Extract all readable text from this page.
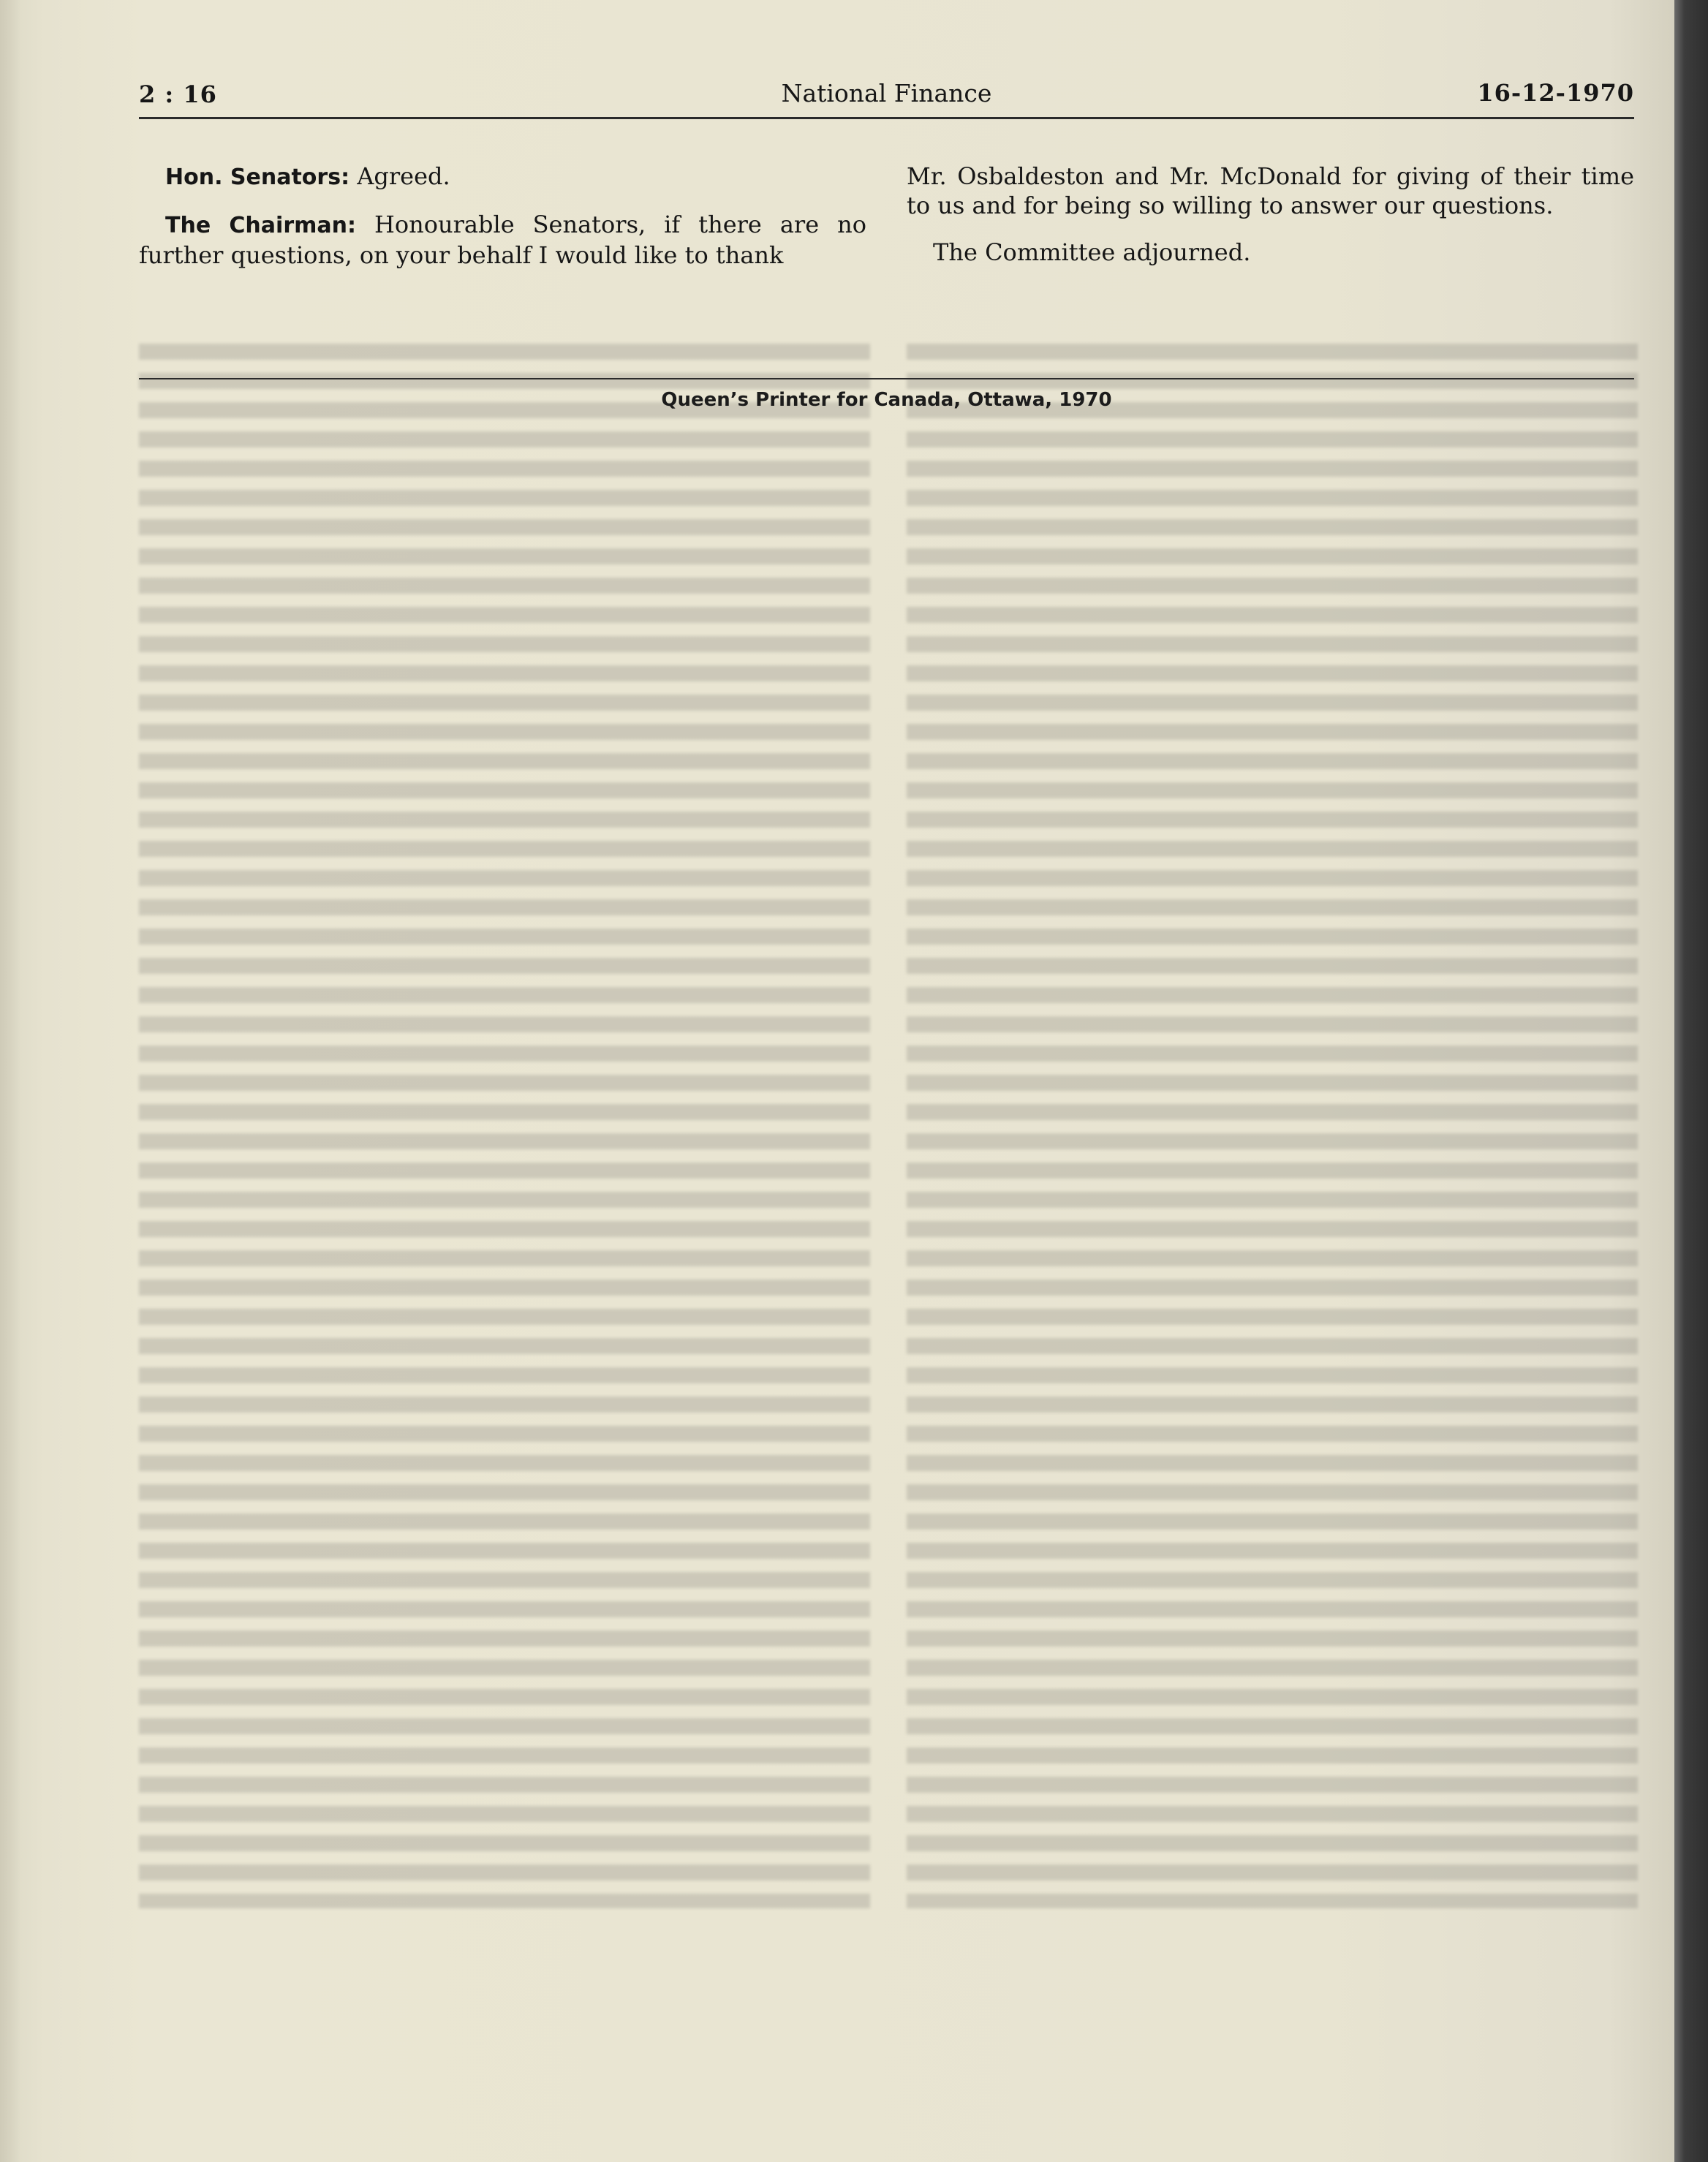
2 : 16	National Finance	16-12-1970

Hon. Senators: Agreed.

The Chairman: Honourable Senators, if there are no further questions, on your behalf I would like to thank

Mr. Osbaldeston and Mr. McDonald for giving of their time to us and for being so willing to answer our questions.

The Committee adjourned.

Queen’s Printer for Canada, Ottawa, 1970
